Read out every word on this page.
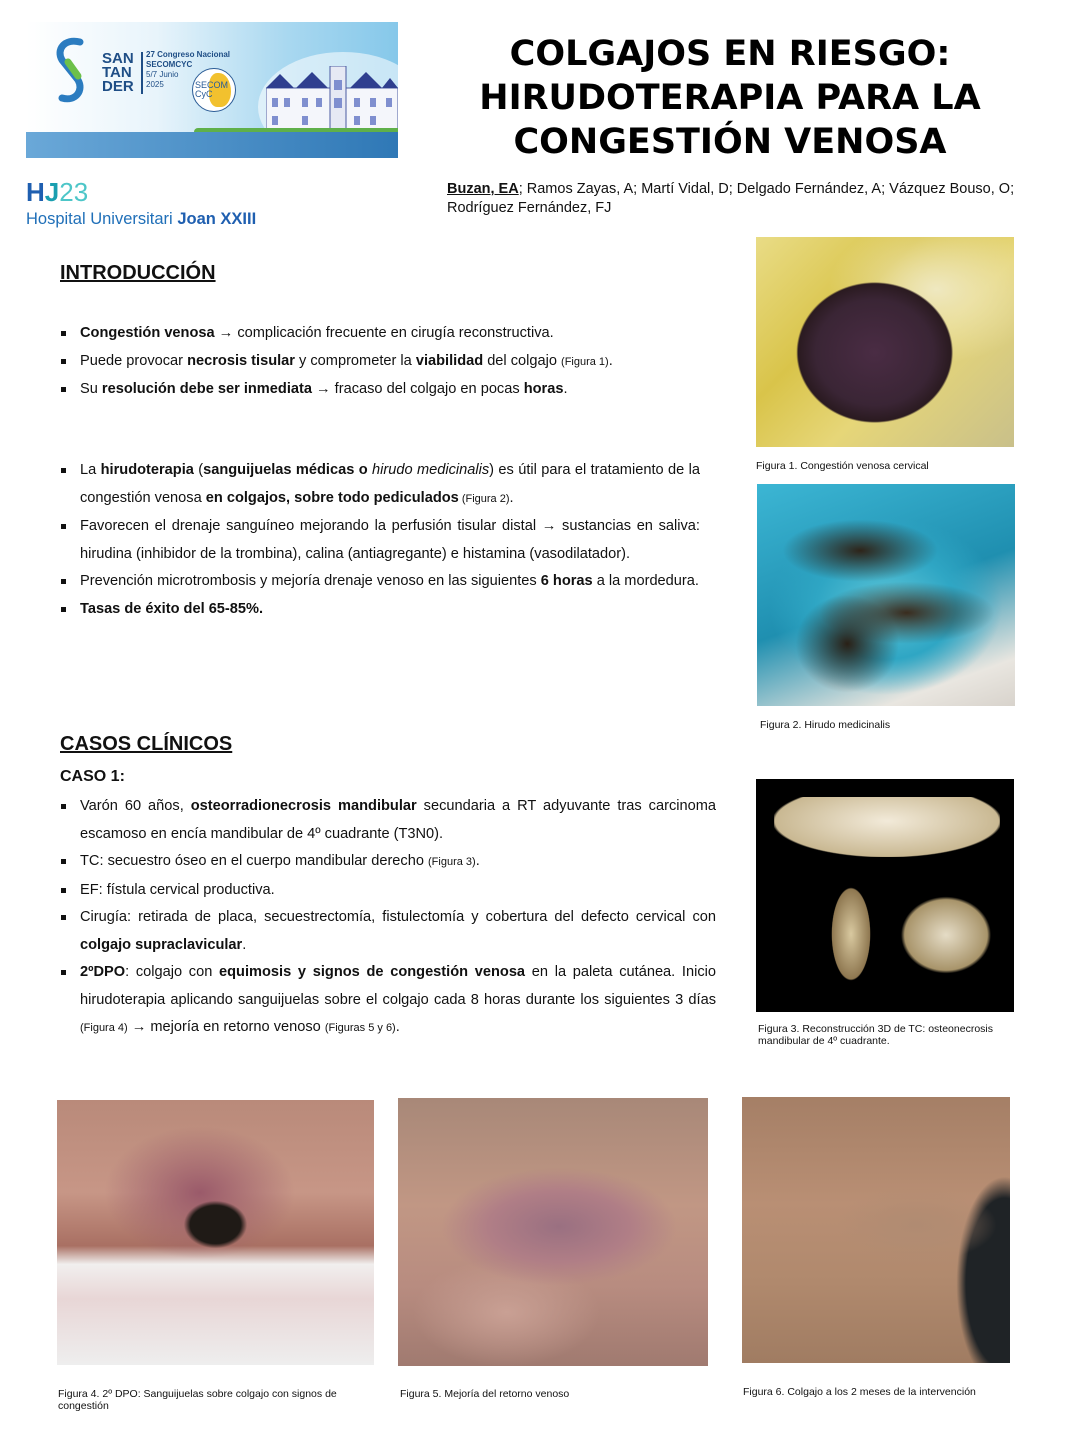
SAN
TAN
DER
27 Congreso Nacional
SECOMCYC
5/7 Junio
2025	SECOM CyC
HJ23
Hospital Universitari Joan XXIII
COLGAJOS EN RIESGO:
HIRUDOTERAPIA PARA LA
CONGESTIÓN VENOSA
Buzan, EA; Ramos Zayas, A; Martí Vidal, D; Delgado Fernández, A; Vázquez Bouso, O; Rodríguez Fernández, FJ
INTRODUCCIÓN
Congestión venosa → complicación frecuente en cirugía reconstructiva.
Puede provocar necrosis tisular y comprometer la viabilidad del colgajo (Figura 1).
Su resolución debe ser inmediata → fracaso del colgajo en pocas horas.
La hirudoterapia (sanguijuelas médicas o hirudo medicinalis) es útil para el tratamiento de la congestión venosa en colgajos, sobre todo pediculados (Figura 2).
Favorecen el drenaje sanguíneo mejorando la perfusión tisular distal → sustancias en saliva: hirudina (inhibidor de la trombina), calina (antiagregante) e histamina (vasodilatador).
Prevención microtrombosis y mejoría drenaje venoso en las siguientes 6 horas a la mordedura.
Tasas de éxito del 65-85%.
CASOS CLÍNICOS
CASO 1:
Varón 60 años, osteorradionecrosis mandibular secundaria a RT adyuvante tras carcinoma escamoso en encía mandibular de 4º cuadrante (T3N0).
TC: secuestro óseo en el cuerpo mandibular derecho (Figura 3).
EF: fístula cervical productiva.
Cirugía: retirada de placa, secuestrectomía, fistulectomía y cobertura del defecto cervical con colgajo supraclavicular.
2ºDPO: colgajo con equimosis y signos de congestión venosa en la paleta cutánea. Inicio hirudoterapia aplicando sanguijuelas sobre el colgajo cada 8 horas durante los siguientes 3 días (Figura 4) → mejoría en retorno venoso (Figuras 5 y 6).
Figura 1. Congestión venosa cervical
Figura 2. Hirudo medicinalis
Figura 3. Reconstrucción 3D de TC: osteonecrosis mandibular de 4º cuadrante.
Figura 4. 2º DPO: Sanguijuelas sobre colgajo con signos de congestión
Figura 5. Mejoría del retorno venoso	Figura 6. Colgajo a los 2 meses de la intervención
